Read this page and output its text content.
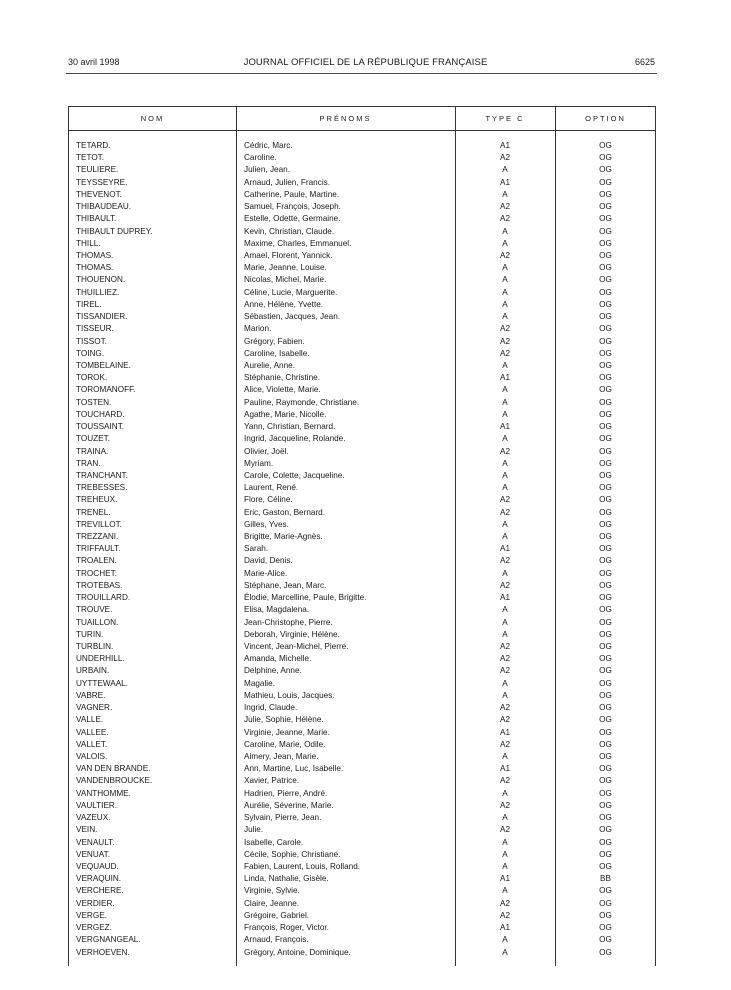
30 avril 1998	JOURNAL OFFICIEL DE LA RÉPUBLIQUE FRANÇAISE	6625
NOM	PRÉNOMS	TYPE C	OPTION
TETARD.	Cédric, Marc.	A1	OG
TETOT.	Caroline.	A2	OG
TEULIERE.	Julien, Jean.	A	OG
TEYSSEYRE.	Arnaud, Julien, Francis.	A1	OG
THEVENOT.	Catherine, Paule, Martine.	A	OG
THIBAUDEAU.	Samuel, François, Joseph.	A2	OG
THIBAULT.	Estelle, Odette, Germaine.	A2	OG
THIBAULT DUPREY.	Kevin, Christian, Claude.	A	OG
THILL.	Maxime, Charles, Emmanuel.	A	OG
THOMAS.	Amael, Florent, Yannick.	A2	OG
THOMAS.	Marie, Jeanne, Louise.	A	OG
THOUENON.	Nicolas, Michel, Marie.	A	OG
THUILLIEZ.	Céline, Lucie, Marguerite.	A	OG
TIREL.	Anne, Hélène, Yvette.	A	OG
TISSANDIER.	Sébastien, Jacques, Jean.	A	OG
TISSEUR.	Marion.	A2	OG
TISSOT.	Grégory, Fabien.	A2	OG
TOING.	Caroline, Isabelle.	A2	OG
TOMBELAINE.	Aurelie, Anne.	A	OG
TOROK.	Stéphanie, Christine.	A1	OG
TOROMANOFF.	Alice, Violette, Marie.	A	OG
TOSTEN.	Pauline, Raymonde, Christiane.	A	OG
TOUCHARD.	Agathe, Marie, Nicolle.	A	OG
TOUSSAINT.	Yann, Christian, Bernard.	A1	OG
TOUZET.	Ingrid, Jacqueline, Rolande.	A	OG
TRAINA.	Olivier, Joël.	A2	OG
TRAN.	Myriam.	A	OG
TRANCHANT.	Carole, Colette, Jacqueline.	A	OG
TREBESSES.	Laurent, René.	A	OG
TREHEUX.	Flore, Céline.	A2	OG
TRENEL.	Eric, Gaston, Bernard.	A2	OG
TREVILLOT.	Gilles, Yves.	A	OG
TREZZANI.	Brigitte, Marie-Agnès.	A	OG
TRIFFAULT.	Sarah.	A1	OG
TROALEN.	David, Denis.	A2	OG
TROCHET.	Marie-Alice.	A	OG
TROTEBAS.	Stéphane, Jean, Marc.	A2	OG
TROUILLARD.	Élodie, Marcelline, Paule, Brigitte.	A1	OG
TROUVE.	Elisa, Magdalena.	A	OG
TUAILLON.	Jean-Christophe, Pierre.	A	OG
TURIN.	Deborah, Virginie, Hélène.	A	OG
TURBLIN.	Vincent, Jean-Michel, Pierre.	A2	OG
UNDERHILL.	Amanda, Michelle.	A2	OG
URBAIN.	Delphine, Anne.	A2	OG
UYTTEWAAL.	Magalie.	A	OG
VABRE.	Mathieu, Louis, Jacques.	A	OG
VAGNER.	Ingrid, Claude.	A2	OG
VALLE.	Julie, Sophie, Hélène.	A2	OG
VALLEE.	Virginie, Jeanne, Marie.	A1	OG
VALLET.	Caroline, Marie, Odile.	A2	OG
VALOIS.	Aimery, Jean, Marie.	A	OG
VAN DEN BRANDE.	Ann, Martine, Luc, Isabelle.	A1	OG
VANDENBROUCKE.	Xavier, Patrice.	A2	OG
VANTHOMME.	Hadrien, Pierre, André.	A	OG
VAULTIER.	Aurélie, Séverine, Marie.	A2	OG
VAZEUX.	Sylvain, Pierre, Jean.	A	OG
VEIN.	Julie.	A2	OG
VENAULT.	Isabelle, Carole.	A	OG
VENUAT.	Cécile, Sophie, Christiane.	A	OG
VEQUAUD.	Fabien, Laurent, Louis, Rolland.	A	OG
VERAQUIN.	Linda, Nathalie, Gisèle.	A1	BB
VERCHERE.	Virginie, Sylvie.	A	OG
VERDIER.	Claire, Jeanne.	A2	OG
VERGE.	Grégoire, Gabriel.	A2	OG
VERGEZ.	François, Roger, Victor.	A1	OG
VERGNANGEAL.	Arnaud, François.	A	OG
VERHOEVEN.	Grégory, Antoine, Dominique.	A	OG
